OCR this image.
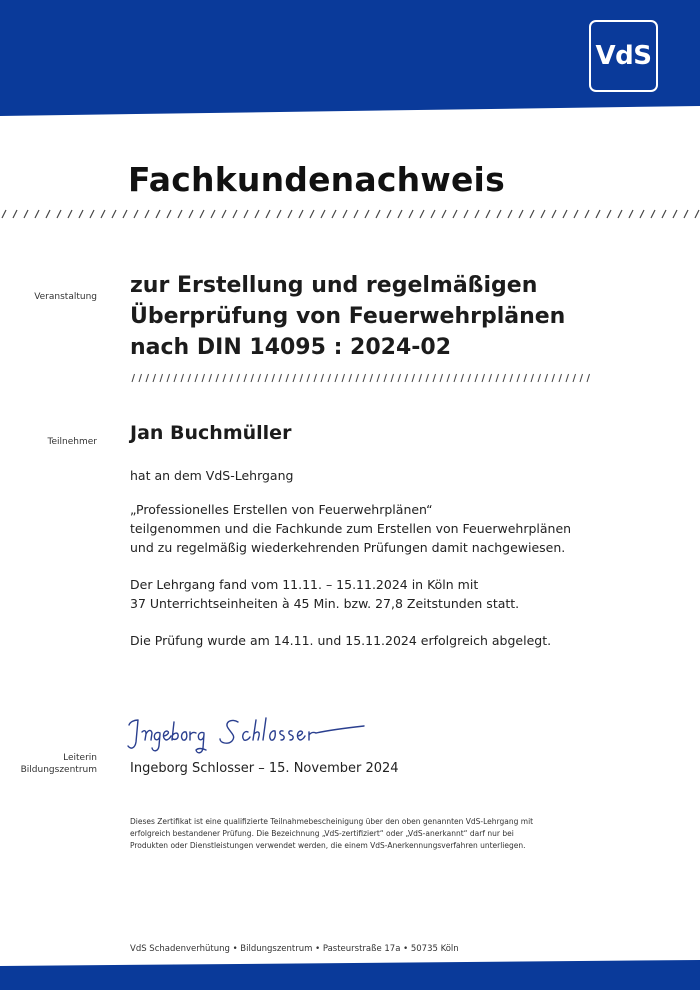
VdS
Fachkundenachweis
Veranstaltung zur Erstellung und regelmäßigen
Überprüfung von Feuerwehrplänen
nach DIN 14095 : 2024-02
Teilnehmer Jan Buchmüller

hat an dem VdS-Lehrgang

„Professionelles Erstellen von Feuerwehrplänen“

teilgenommen und die Fachkunde zum Erstellen von Feuerwehrplänen

und zu regelmäßig wiederkehrenden Prüfungen damit nachgewiesen.

Der Lehrgang fand vom 11.11. – 15.11.2024 in Köln mit

37 Unterrichtseinheiten à 45 Min. bzw. 27,8 Zeitstunden statt.

Die Prüfung wurde am 14.11. und 15.11.2024 erfolgreich abgelegt.

Leiterin
Bildungszentrum	Ingeborg Schlosser – 15. November 2024
Dieses Zertifikat ist eine qualifizierte Teilnahmebescheinigung über den oben genannten VdS-Lehrgang mit
erfolgreich bestandener Prüfung. Die Bezeichnung „VdS-zertifiziert“ oder „VdS-anerkannt“ darf nur bei
Produkten oder Dienstleistungen verwendet werden, die einem VdS-Anerkennungsverfahren unterliegen.
VdS Schadenverhütung • Bildungszentrum • Pasteurstraße 17a • 50735 Köln
